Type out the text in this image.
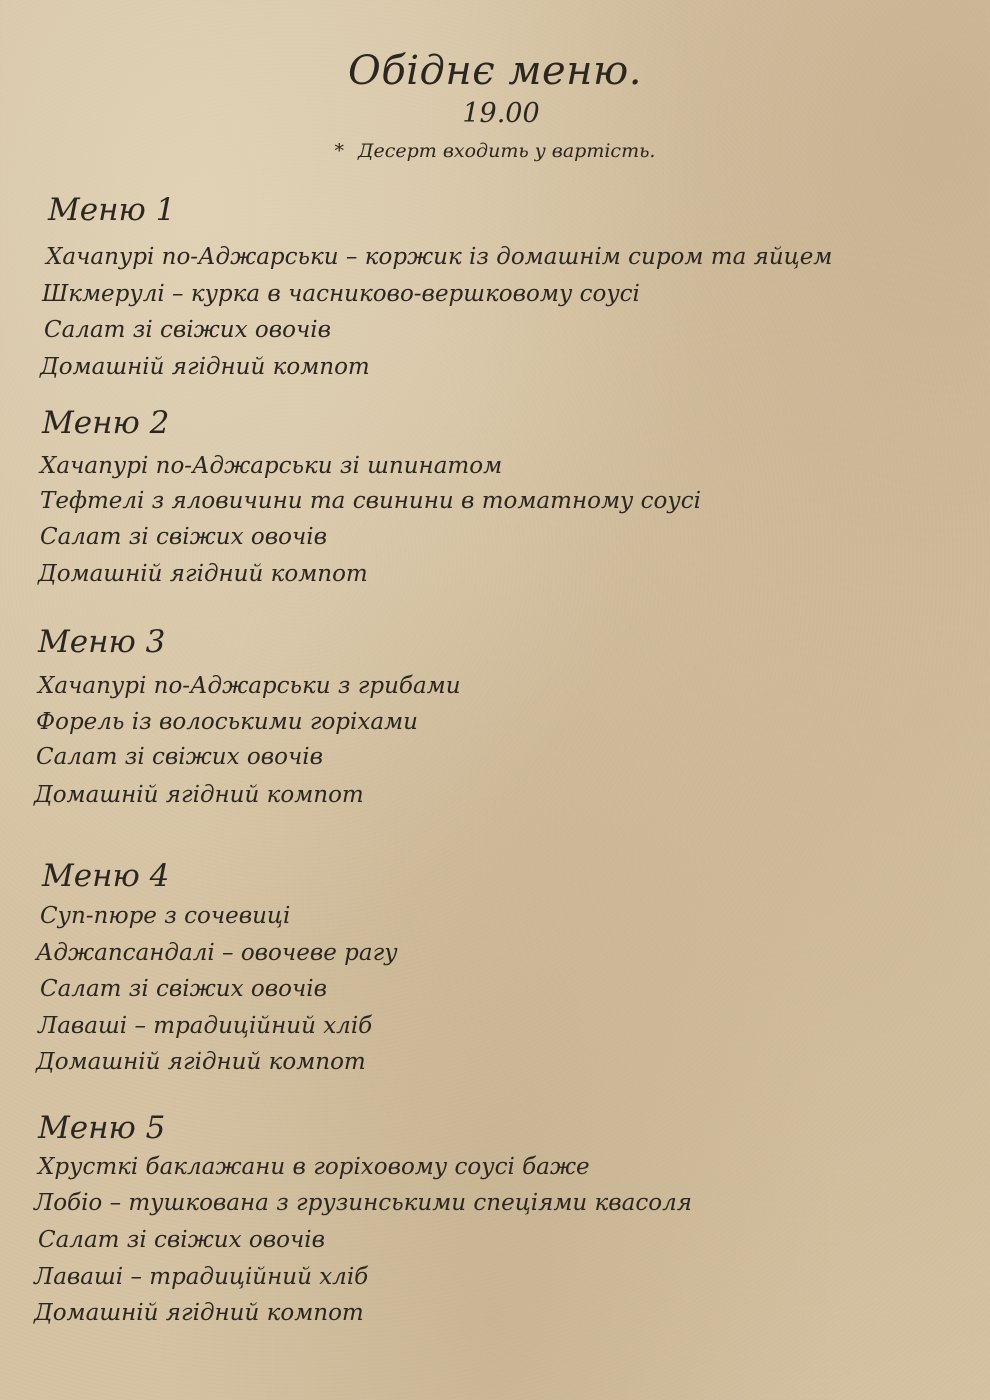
Обіднє меню.
19.00
* Десерт входить у вартість.
Меню 1
Хачапурі по-Аджарськи – коржик із домашнім сиром та яйцем
Шкмерулі – курка в часниково-вершковому соусі
Салат зі свіжих овочів
Домашній ягідний компот
Меню 2
Хачапурі по-Аджарськи зі шпинатом
Тефтелі з яловичини та свинини в томатному соусі
Салат зі свіжих овочів
Домашній ягідний компот
Меню 3
Хачапурі по-Аджарськи з грибами
Форель із волоськими горіхами
Салат зі свіжих овочів
Домашній ягідний компот
Меню 4
Суп-пюре з сочевиці
Аджапсандалі – овочеве рагу
Салат зі свіжих овочів
Лаваші – традиційний хліб
Домашній ягідний компот
Меню 5
Хрусткі баклажани в горіховому соусі баже
Лобіо – тушкована з грузинськими спеціями квасоля
Салат зі свіжих овочів
Лаваші – традиційний хліб
Домашній ягідний компот
